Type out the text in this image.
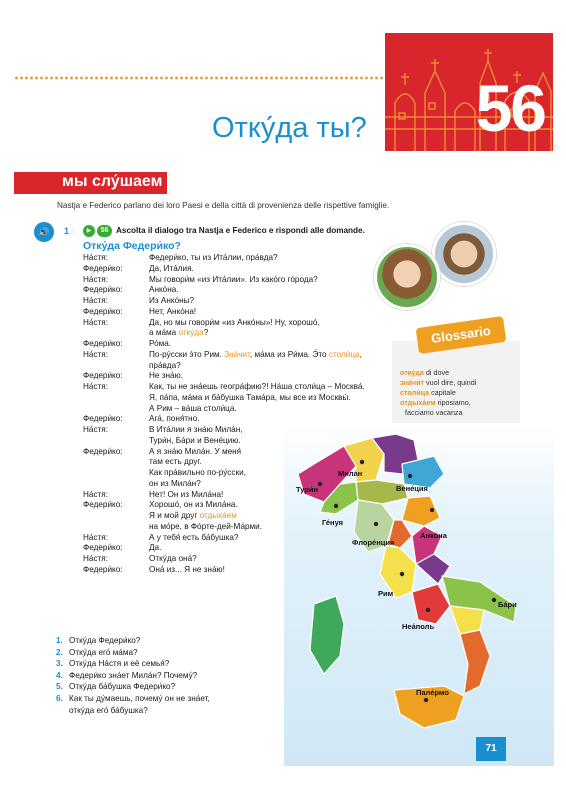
56
Отку́да ты?
мы слу́шаем
Nastja e Federico parlano dei loro Paesi e della città di provenienza delle rispettive famiglie.
🔊	1	▶	56 Ascolta il dialogo tra Nastja e Federico e rispondi alle domande.
Отку́да Федери́ко?
На́стя:	Федери́ко, ты из Ита́лии, пра́вда?
Федери́ко:	Да, Ита́лия.
На́стя:	Мы говори́м «из Ита́лии». Из како́го го́рода?
Федери́ко:	Анко́на.
На́стя:	Из Анко́ны?
Федери́ко:	Нет, Анко́на!
На́стя:	Да, но мы говори́м «из Анко́ны»! Ну, хорошо́,
а ма́ма отку́да?
Федери́ко:	Ро́ма.
На́стя:	По-ру́сски э́то Рим. Зна́чит, ма́ма из Ри́ма. Э́то столи́ца,
пра́вда?
Федери́ко:	Не зна́ю.
На́стя:	Как, ты не зна́ешь геогра́фию?! На́ша столи́ца – Москва́.
Я, па́па, ма́ма и ба́бушка Тама́ра, мы все из Москвы́.
А Рим – ва́ша столи́ца.
Федери́ко:	Ага́, поня́тно.
На́стя:	В Ита́лии я зна́ю Мила́н,
Тури́н, Ба́ри и Вене́цию.
Федери́ко:	А я зна́ю Мила́н. У меня́
там есть друг.
Как пра́вильно по-ру́сски,
он из Мила́н?
На́стя:	Нет! Он из Мила́на!
Федери́ко:	Хорошо́, он из Мила́на.
Я и мой друг отдыха́ем
на мо́ре, в Фо́рте-дей-Ма́рми.
На́стя:	А у тебя́ есть ба́бушка?
Федери́ко:	Да.
На́стя:	Отку́да она́?
Федери́ко:	Она́ из... Я не зна́ю!
1. Отку́да Федери́ко?
2. Отку́да его́ ма́ма?
3. Отку́да На́стя и её семья́?
4. Федери́ко зна́ет Мила́н? Почему́?
5. Отку́да ба́бушка Федери́ко?
6. Как ты ду́маешь, почему́ он не зна́ет,
отку́да его́ ба́бушка?
Glossario
отку́да di dove
зна́чит vuol dire, quindi
столи́ца capitale
отдыха́ем riposiamo,
facciamo vacanza
Мила́н
Тури́н	Вене́ция
Ге́нуя
Анко́на
Флоре́нция
Рим
Ба́ри
Неа́поль
Пале́рмо
71
